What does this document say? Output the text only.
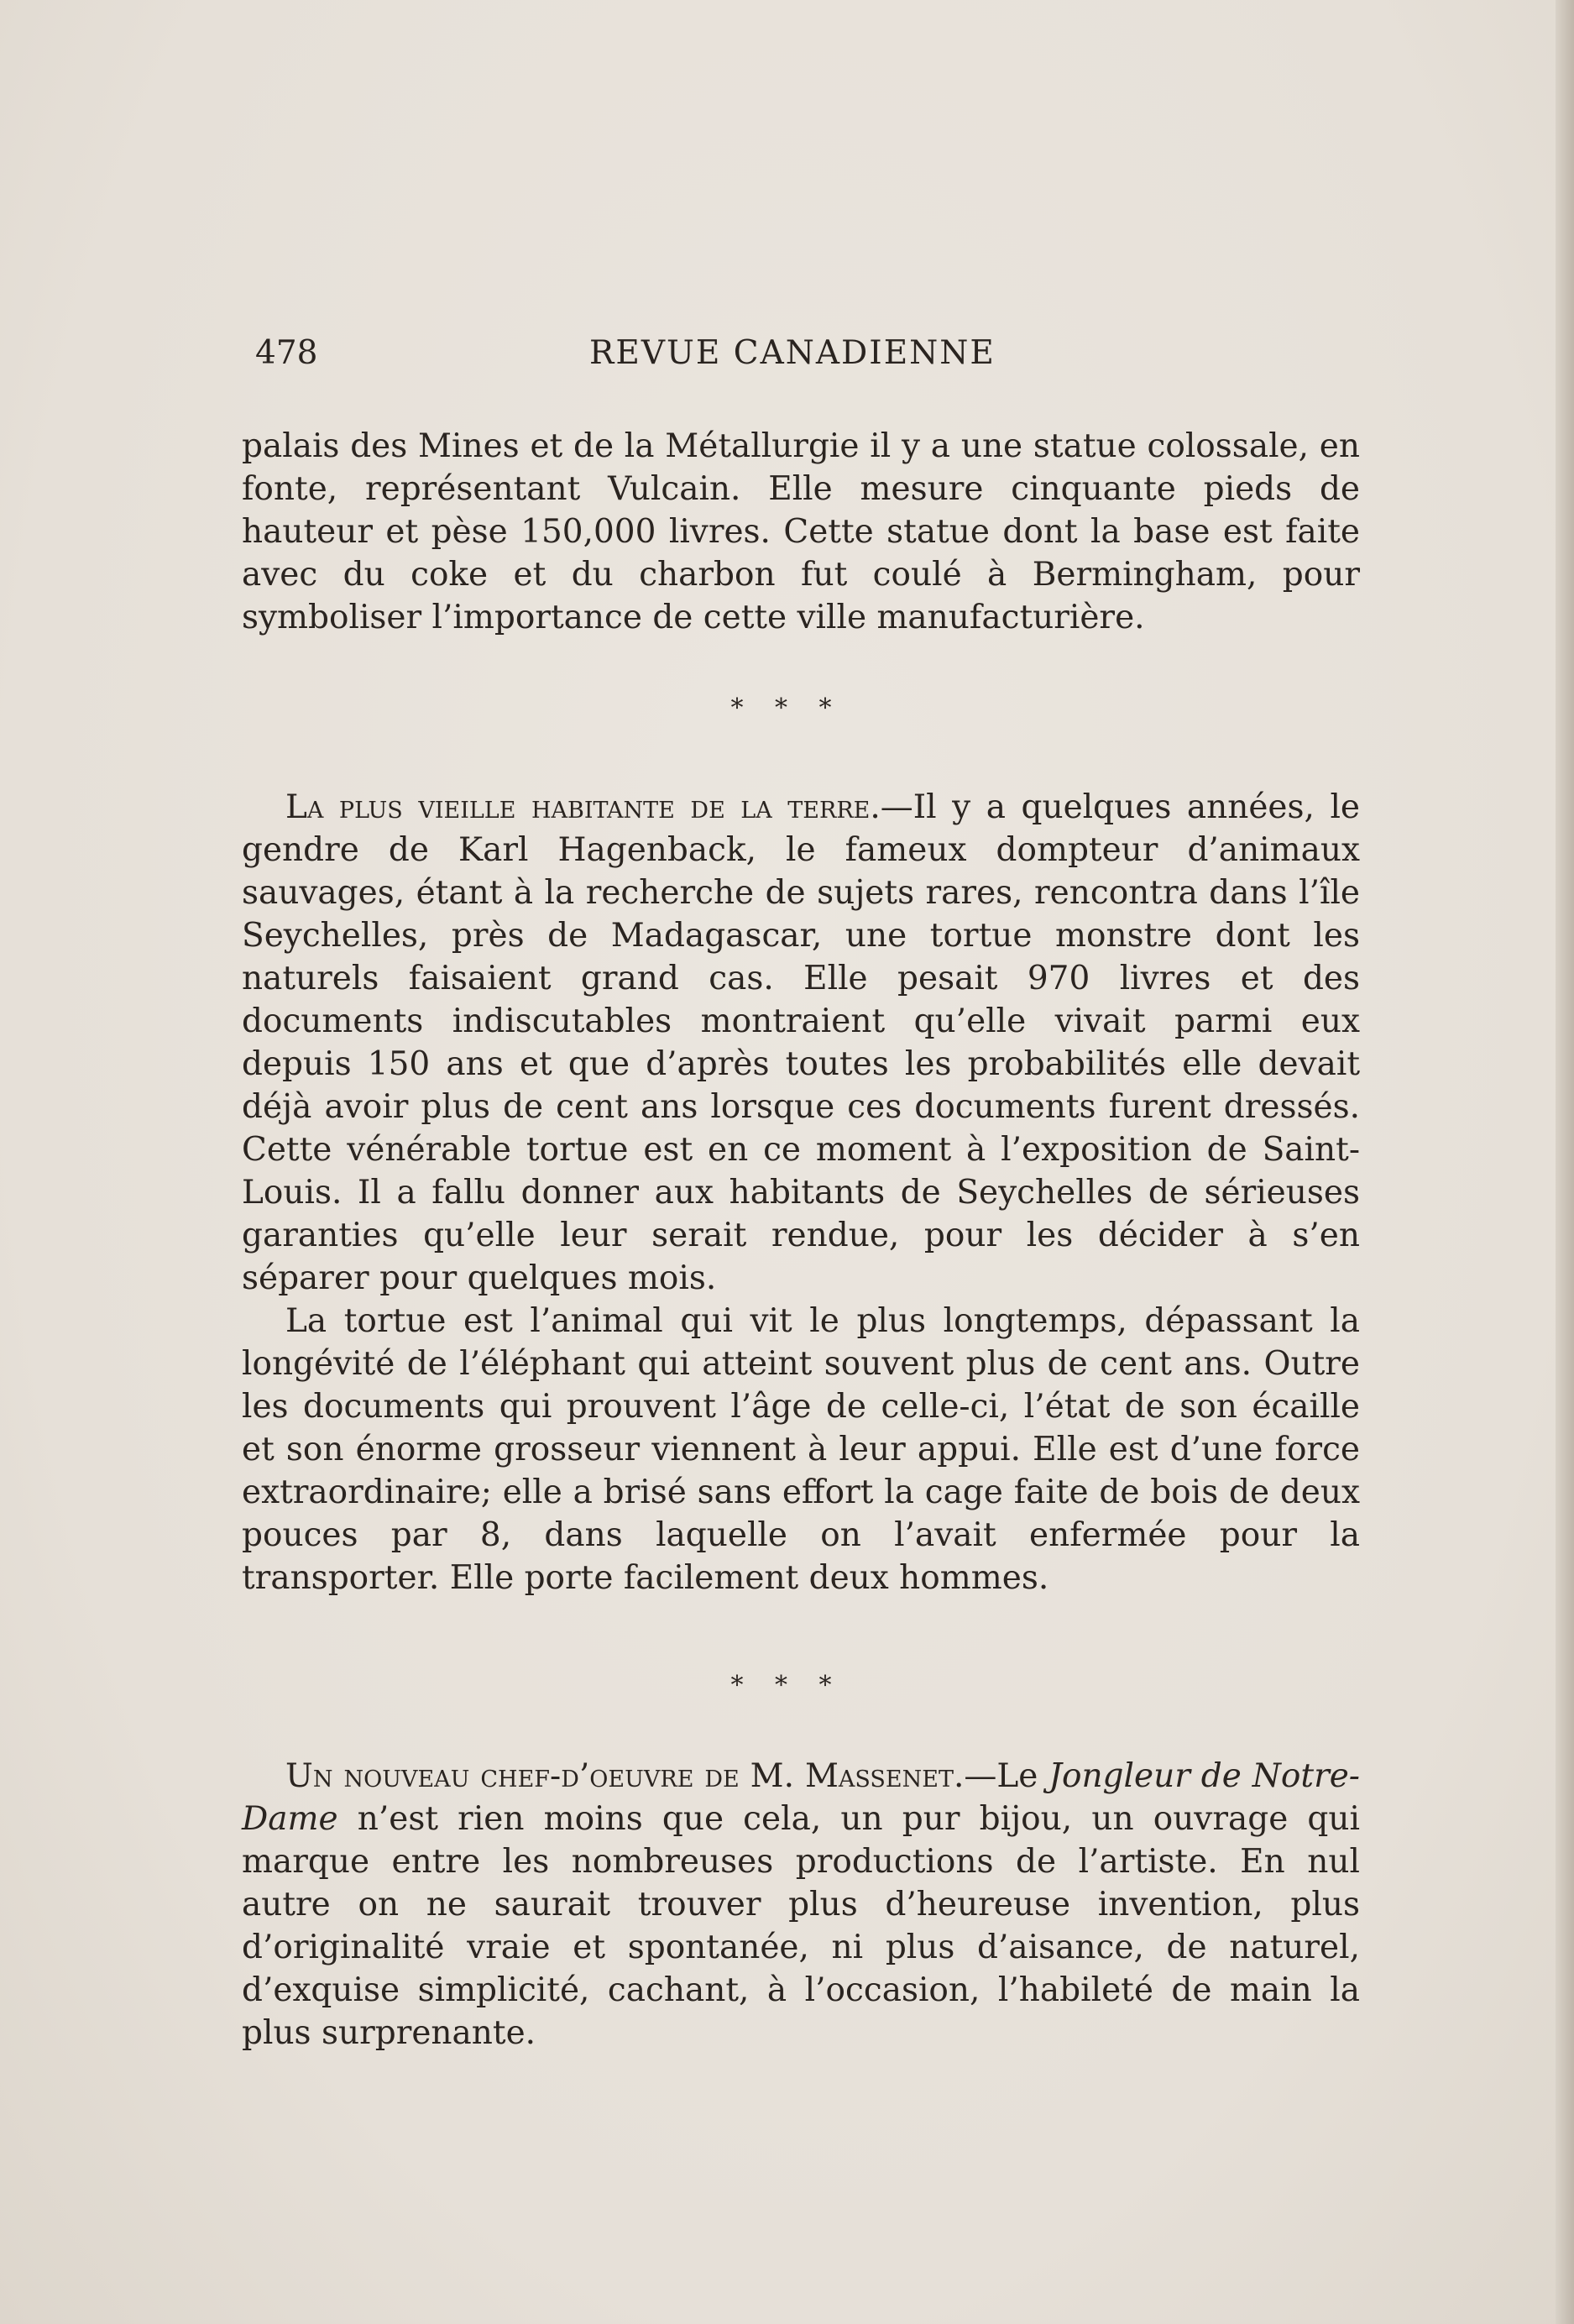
478	REVUE CANADIENNE

palais des Mines et de la Métallurgie il y a une statue colossale, en fonte, représentant Vulcain. Elle mesure cinquante pieds de hauteur et pèse 150,000 livres. Cette statue dont la base est faite avec du coke et du charbon fut coulé à Bermingham, pour symboliser l’importance de cette ville manufacturière.

* * *

La plus vieille habitante de la terre.—Il y a quelques années, le gendre de Karl Hagenback, le fameux dompteur d’animaux sauvages, étant à la recherche de sujets rares, rencontra dans l’île Seychelles, près de Madagascar, une tortue monstre dont les naturels faisaient grand cas. Elle pesait 970 livres et des documents indiscutables montraient qu’elle vivait parmi eux depuis 150 ans et que d’après toutes les probabilités elle devait déjà avoir plus de cent ans lorsque ces documents furent dressés. Cette vénérable tortue est en ce moment à l’exposition de Saint-Louis. Il a fallu donner aux habitants de Seychelles de sérieuses garanties qu’elle leur serait rendue, pour les décider à s’en séparer pour quelques mois.

La tortue est l’animal qui vit le plus longtemps, dépassant la longévité de l’éléphant qui atteint souvent plus de cent ans. Outre les documents qui prouvent l’âge de celle-ci, l’état de son écaille et son énorme grosseur viennent à leur appui. Elle est d’une force extraordinaire; elle a brisé sans effort la cage faite de bois de deux pouces par 8, dans laquelle on l’avait enfermée pour la transporter. Elle porte facilement deux hommes.

* * *

Un nouveau chef-d’oeuvre de M. Massenet.—Le Jongleur de Notre-Dame n’est rien moins que cela, un pur bijou, un ouvrage qui marque entre les nombreuses productions de l’artiste. En nul autre on ne saurait trouver plus d’heureuse invention, plus d’originalité vraie et spontanée, ni plus d’aisance, de naturel, d’exquise simplicité, cachant, à l’occasion, l’habileté de main la plus surprenante.
